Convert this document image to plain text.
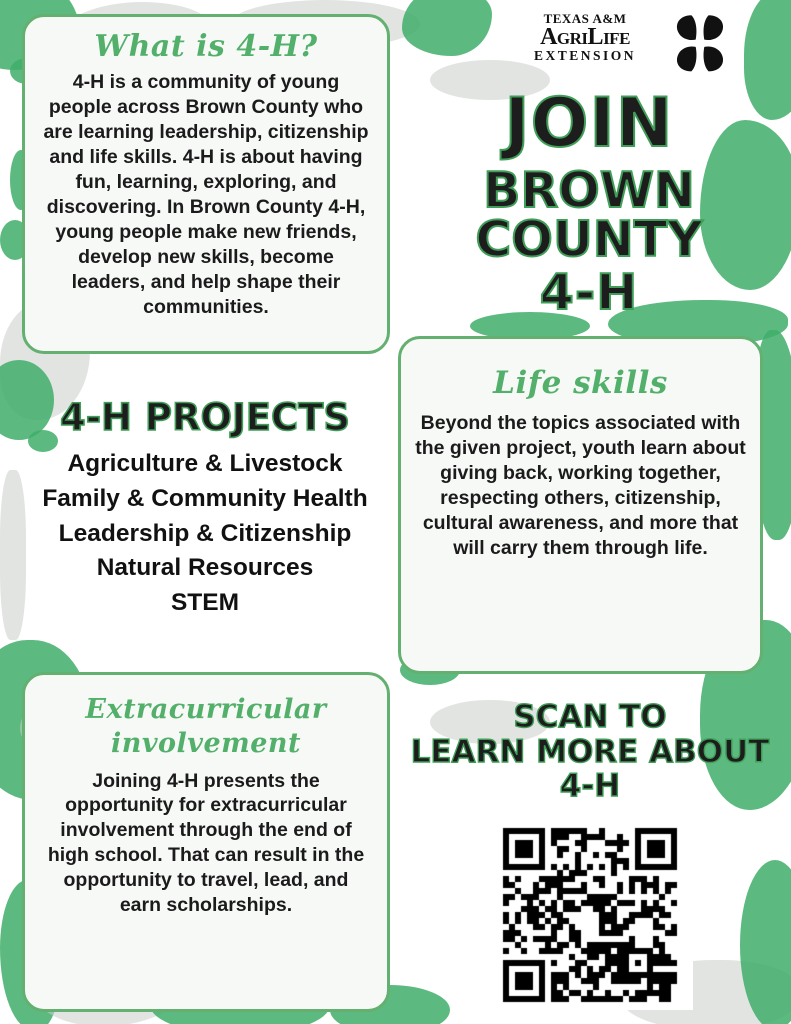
TEXAS A&M
AGRILIFE
EXTENSION
JOIN
BROWN COUNTY
4-H
What is 4-H?
4-H is a community of young people across Brown County who are learning leadership, citizenship and life skills. 4-H is about having fun, learning, exploring, and discovering. In Brown County 4-H, young people make new friends, develop new skills, become leaders, and help shape their communities.
Life skills
Beyond the topics associated with the given project, youth learn about giving back, working together, respecting others, citizenship, cultural awareness, and more that will carry them through life.
4-H PROJECTS
Agriculture & Livestock
Family & Community Health
Leadership & Citizenship
Natural Resources
STEM
Extracurricular
involvement
Joining 4-H presents the opportunity for extracurricular involvement through the end of high school. That can result in the opportunity to travel, lead, and earn scholarships.
SCAN TO
LEARN MORE ABOUT 4-H
